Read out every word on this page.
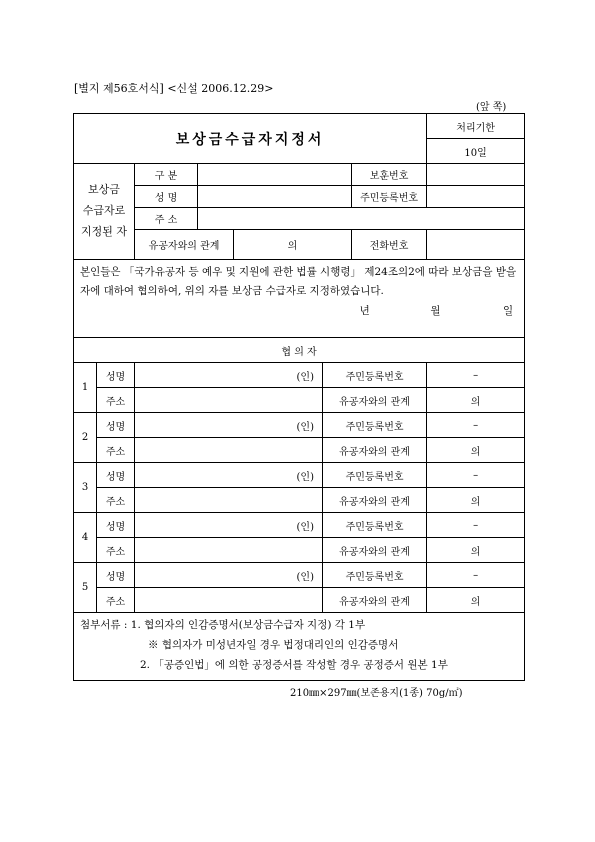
[별지 제56호서식] <신설 2006.12.29>
(앞 쪽)
보상금수급자지정서							처리기한
							10일

보상금
수급자로
지정된 자		구 분				보훈번호	
		성 명				주민등록번호	
		주 소					
		유공자와의 관계		의		전화번호	

본인들은 「국가유공자 등 예우 및 지원에 관한 법률 시행령」 제24조의2에 따라 보상금을 받을 자에 대하여 협의하여, 위의 자를 보상금 수급자로 지정하였습니다.
년 월 일							

협 의 자							
1	성명	(인)			주민등록번호		–
	주소				유공자와의 관계		의
2	성명	(인)			주민등록번호		–
	주소				유공자와의 관계		의
3	성명	(인)			주민등록번호		–
	주소				유공자와의 관계		의
4	성명	(인)			주민등록번호		–
	주소				유공자와의 관계		의
5	성명	(인)			주민등록번호		–
	주소				유공자와의 관계		의

첨부서류 : 1. 협의자의 인감증명서(보상금수급자 지정) 각 1부
※ 협의자가 미성년자일 경우 법정대리인의 인감증명서
2. 「공증인법」에 의한 공정증서를 작성할 경우 공정증서 원본 1부							
210㎜×297㎜(보존용지(1종) 70g/㎡)
